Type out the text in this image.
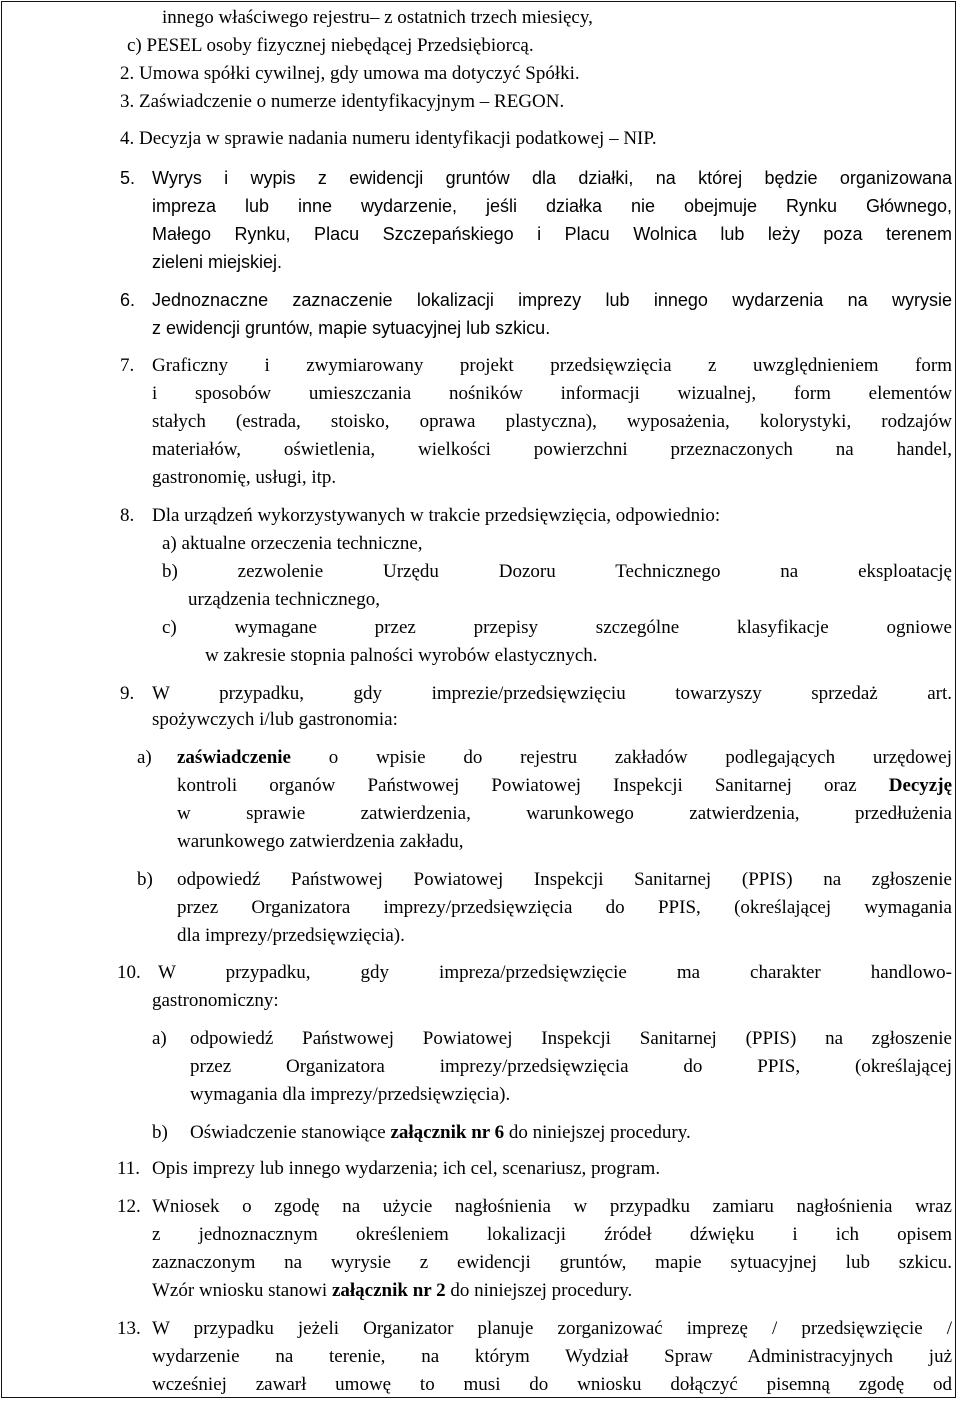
innego właściwego rejestru– z ostatnich trzech miesięcy,
c) PESEL osoby fizycznej niebędącej Przedsiębiorcą.
2. Umowa spółki cywilnej, gdy umowa ma dotyczyć Spółki.
3. Zaświadczenie o numerze identyfikacyjnym – REGON.
4. Decyzja w sprawie nadania numeru identyfikacji podatkowej – NIP.
5. Wyrys i wypis z ewidencji gruntów dla działki, na której będzie organizowana
impreza lub inne wydarzenie, jeśli działka nie obejmuje Rynku Głównego,
Małego Rynku, Placu Szczepańskiego i Placu Wolnica lub leży poza terenem
zieleni miejskiej.
6. Jednoznaczne zaznaczenie lokalizacji imprezy lub innego wydarzenia na wyrysie
z ewidencji gruntów, mapie sytuacyjnej lub szkicu.
7. Graficzny i zwymiarowany projekt przedsięwzięcia z uwzględnieniem form
i sposobów umieszczania nośników informacji wizualnej, form elementów
stałych (estrada, stoisko, oprawa plastyczna), wyposażenia, kolorystyki, rodzajów
materiałów, oświetlenia, wielkości powierzchni przeznaczonych na handel,
gastronomię, usługi, itp.
8. Dla urządzeń wykorzystywanych w trakcie przedsięwzięcia, odpowiednio:
a) aktualne orzeczenia techniczne,
b) zezwolenie Urzędu Dozoru Technicznego na eksploatację
urządzenia technicznego,
c) wymagane przez przepisy szczególne klasyfikacje ogniowe
w zakresie stopnia palności wyrobów elastycznych.
9. W przypadku, gdy imprezie/przedsięwzięciu towarzyszy sprzedaż art.
spożywczych i/lub gastronomia:
a) zaświadczenie o wpisie do rejestru zakładów podlegających urzędowej
kontroli organów Państwowej Powiatowej Inspekcji Sanitarnej oraz Decyzję
w sprawie zatwierdzenia, warunkowego zatwierdzenia, przedłużenia
warunkowego zatwierdzenia zakładu,
b) odpowiedź Państwowej Powiatowej Inspekcji Sanitarnej (PPIS) na zgłoszenie
przez Organizatora imprezy/przedsięwzięcia do PPIS, (określającej wymagania
dla imprezy/przedsięwzięcia).
10. W przypadku, gdy impreza/przedsięwzięcie ma charakter handlowo-
gastronomiczny:
a) odpowiedź Państwowej Powiatowej Inspekcji Sanitarnej (PPIS) na zgłoszenie
przez Organizatora imprezy/przedsięwzięcia do PPIS, (określającej
wymagania dla imprezy/przedsięwzięcia).
b) Oświadczenie stanowiące załącznik nr 6 do niniejszej procedury.
11. Opis imprezy lub innego wydarzenia; ich cel, scenariusz, program.
12. Wniosek o zgodę na użycie nagłośnienia w przypadku zamiaru nagłośnienia wraz
z jednoznacznym określeniem lokalizacji źródeł dźwięku i ich opisem
zaznaczonym na wyrysie z ewidencji gruntów, mapie sytuacyjnej lub szkicu.
Wzór wniosku stanowi załącznik nr 2 do niniejszej procedury.
13. W przypadku jeżeli Organizator planuje zorganizować imprezę / przedsięwzięcie /
wydarzenie na terenie, na którym Wydział Spraw Administracyjnych już
wcześniej zawarł umowę to musi do wniosku dołączyć pisemną zgodę od
